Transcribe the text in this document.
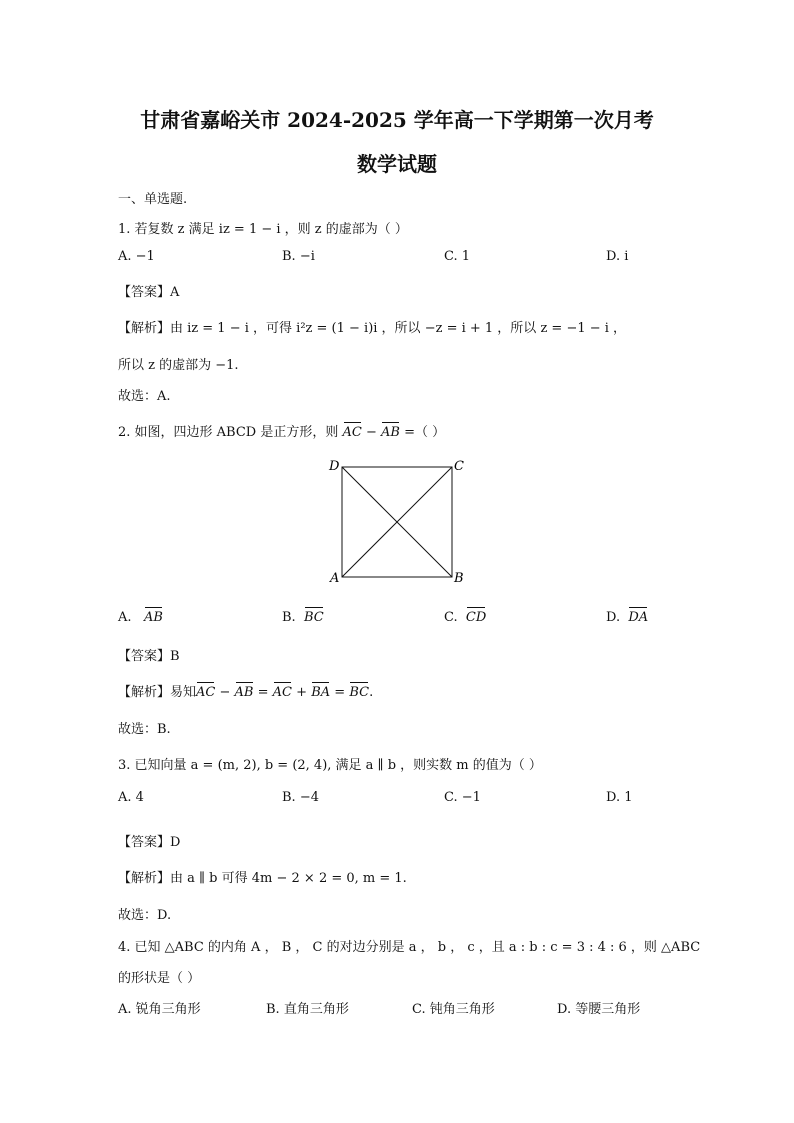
甘肃省嘉峪关市 2024-2025 学年高一下学期第一次月考
数学试题
一、单选题.
1. 若复数 z 满足 iz = 1 − i ，则 z 的虚部为（ ）
A. −1	B. −i	C. 1	D. i
【答案】A
【解析】由 iz = 1 − i ，可得 i²z = (1 − i)i ，所以 −z = i + 1 ，所以 z = −1 − i ，
所以 z 的虚部为 −1.
故选：A.
2. 如图，四边形 ABCD 是正方形，则 AC − AB =（ ）
D	C
A	B
A. AB	B. BC	C. CD	D. DA
【答案】B
【解析】易知AC − AB = AC + BA = BC.
故选：B.
3. 已知向量 a = (m, 2), b = (2, 4), 满足 a ∥ b ，则实数 m 的值为（ ）
A. 4	B. −4	C. −1	D. 1
【答案】D
【解析】由 a ∥ b 可得 4m − 2 × 2 = 0, m = 1.
故选：D.
4. 已知 △ABC 的内角 A ， B ， C 的对边分别是 a ， b ， c ，且 a : b : c = 3 : 4 : 6 ，则 △ABC
的形状是（ ）
A. 锐角三角形	B. 直角三角形	C. 钝角三角形	D. 等腰三角形
